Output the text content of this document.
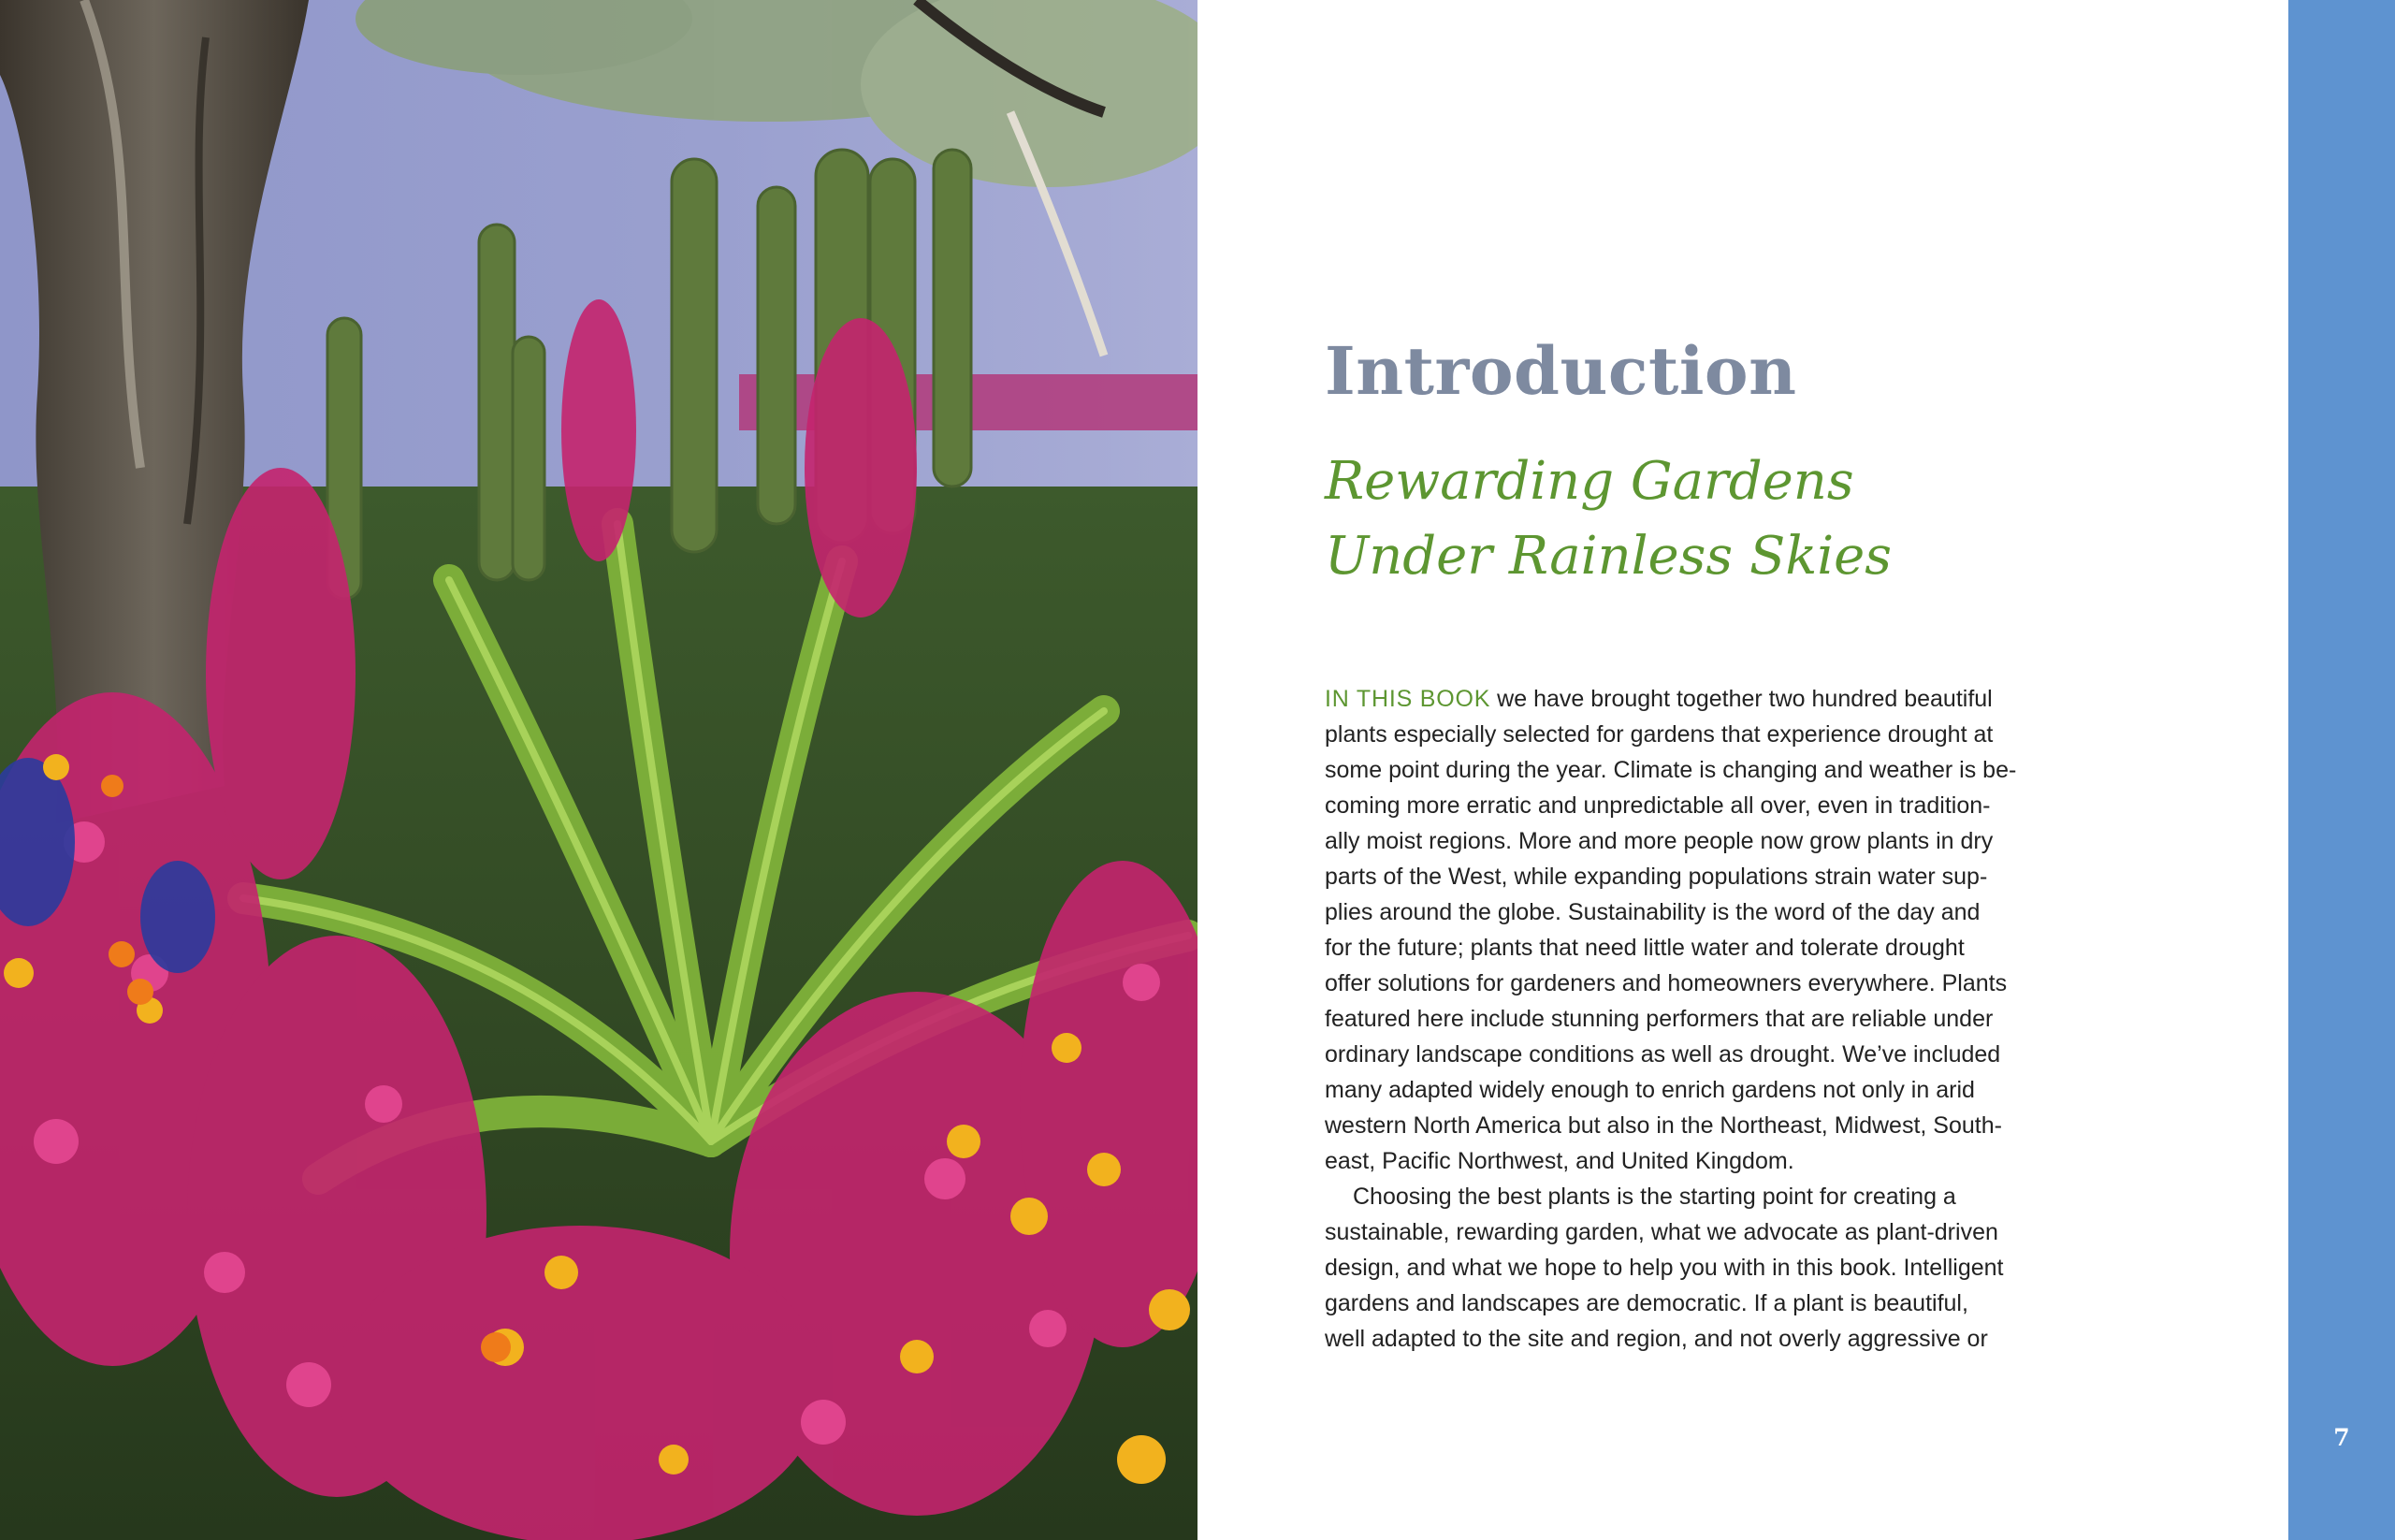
Introduction
Rewarding Gardens
Under Rainless Skies
IN THIS BOOK we have brought together two hundred beautiful
plants especially selected for gardens that experience drought at
some point during the year. Climate is changing and weather is be-
coming more erratic and unpredictable all over, even in tradition-
ally moist regions. More and more people now grow plants in dry
parts of the West, while expanding populations strain water sup-
plies around the globe. Sustainability is the word of the day and
for the future; plants that need little water and tolerate drought
offer solutions for gardeners and homeowners everywhere. Plants
featured here include stunning performers that are reliable under
ordinary landscape conditions as well as drought. We’ve included
many adapted widely enough to enrich gardens not only in arid
western North America but also in the Northeast, Midwest, South-
east, Pacific Northwest, and United Kingdom.
Choosing the best plants is the starting point for creating a
sustainable, rewarding garden, what we advocate as plant-driven
design, and what we hope to help you with in this book. Intelligent
gardens and landscapes are democratic. If a plant is beautiful,
well adapted to the site and region, and not overly aggressive or
7
